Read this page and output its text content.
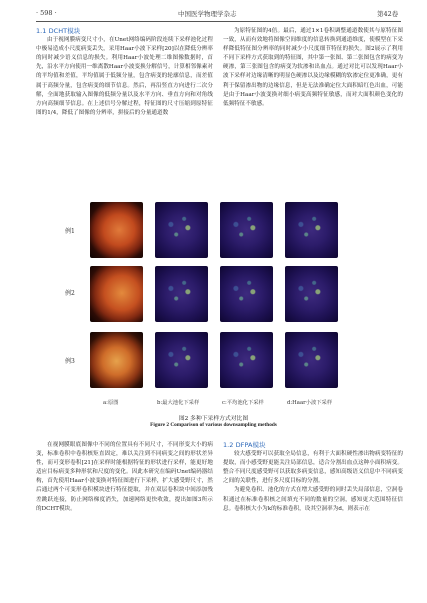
· 598 ·	中国医学物理学杂志	第42卷

1.1 DCHT模块

由于视网膜病变尺寸小，在Unet网络编码阶段连续下采样池化过程中极易造成小尺度病变丢失，采用Haar小波下采样[20]以在降低分辨率的同时减少语义信息的损失。利用Haar小波处理二维图像数据时，首先，沿水平方向使用一维离散Haar小波变换分解信号，计算相邻像素对的平均值和差值，平均值属于低频分量，包含病变的轮廓信息，而差值属于高频分量，包含病变的细节信息。然后，再沿竖直方向进行二次分解，全面地获取输入图像的低频分量以及水平方向、垂直方向和对角线方向高频细节信息。在上述信号分解过程，特征图的尺寸压缩到原特征图的1/4，降低了图像的分辨率，拼接后的分量通道数

为原特征图的4倍。最后，通过1×1卷积调整通道数使其与原特征图一致，从而有效地将图像空间维度的信息转换到通道维度，使模型在下采样降低特征图分辨率的同时减少小尺度细节特征的损失。图2展示了利用不同下采样方式获取到的特征图，其中第一张图、第二张图包含的病变为硬渗，第三张图包含的病变为软渗和出血点。通过对比可以发现Haar小波下采样对边缘清晰的明显色硬渗以及边缘模糊的软渗定位更准确，更有利于保留渗出物的边缘信息，但是无法准确定位大面积暗红色出血，可能是由于Haar小波变换对细小病变高频特征敏感，而对大面积颜色变化的低频特征不敏感。

例1
例2
例3
a:原图	b:最大池化下采样	c:平均池化下采样	d:Haar小波下采样
图2 多种下采样方式对比图
Figure 2 Comparison of various downsampling methods

在视网膜眼底图像中不同的位置具有不同尺寸，不同形变大小的病变，标准卷积中卷积核矩直固定，难以关注到不同病变之间的形状差异性，而可变形卷积[21]在采样时能根据特征的形状进行采样，能更好地适应目标病变多种形状和尺度的变化。因此本研究在编码Unet编码器结构，首先使用Haar小波变换对特征图进行下采样，扩大感受野尺寸，然后通过两个可变形卷积模块进行特征提取，并在双层卷积块中间添加残差跳跃连接，防止网络梯度消失，加速网络更快收敛，提出如图3所示的DCHT模块。

1.2 DFPA模块

较大感受野可以获取全局信息，有利于大面积硬性渗出物病变特征的提取，而小感受野更能关注局部信息，适合分割出血点这种小面积病变。整合不同尺度感受野可以获取多病变信息，感知高级语义信息中不同病变之间的关联性，进行多尺度目标的分割。

为避免卷积、池化的方式在增大感受野的同时丢失局部信息，空洞卷积通过在标准卷积核之间填充不同的数量的空洞，感知更大范围特征信息。卷积核大小为k的标准卷积，设其空洞率为d，则表示在
